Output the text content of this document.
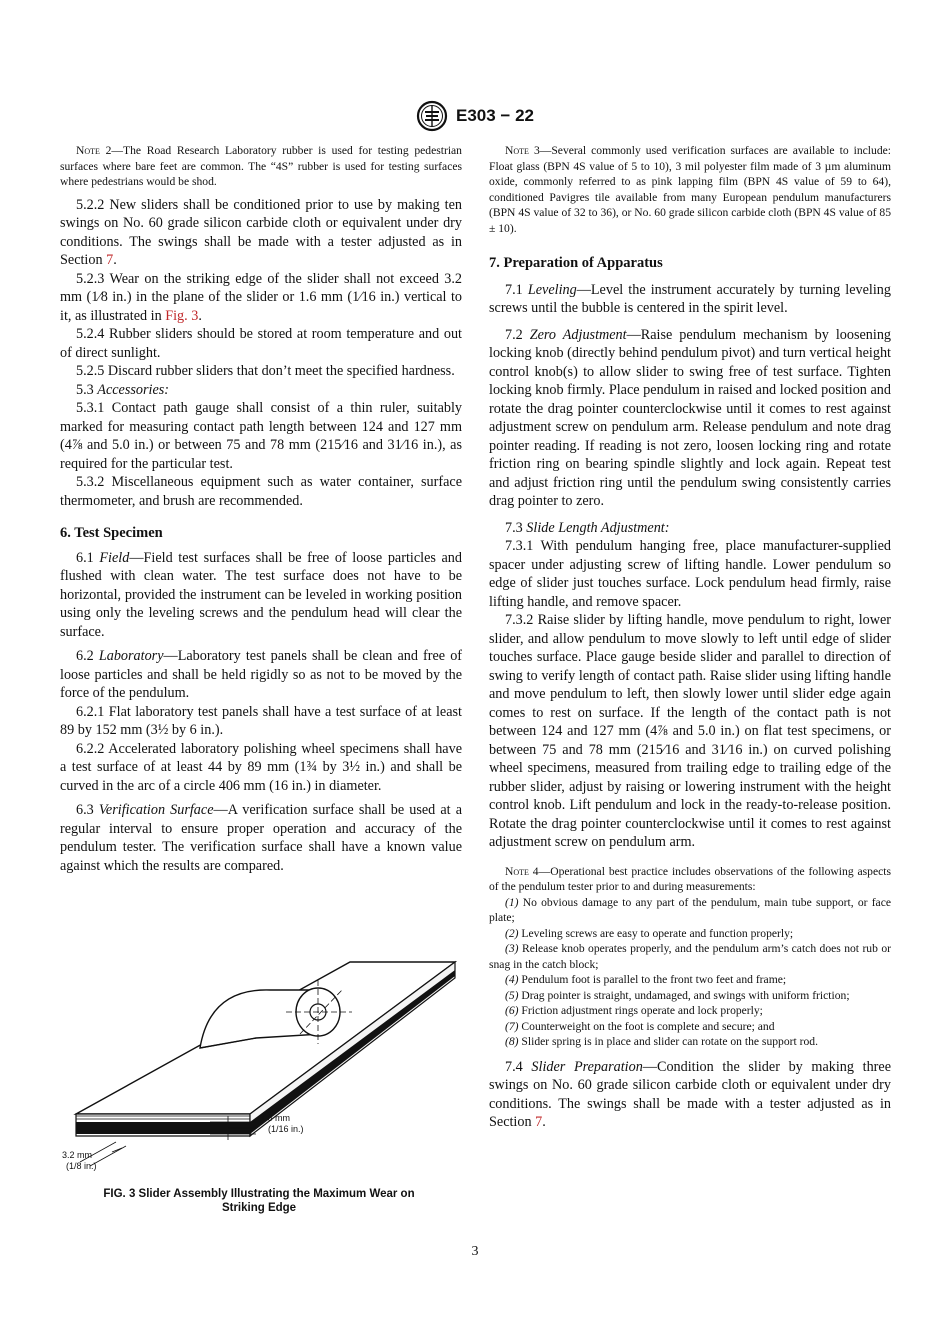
E303 − 22

Note 2—The Road Research Laboratory rubber is used for testing pedestrian surfaces where bare feet are common. The “4S” rubber is used for testing surfaces where pedestrians would be shod.

5.2.2 New sliders shall be conditioned prior to use by making ten swings on No. 60 grade silicon carbide cloth or equivalent under dry conditions. The swings shall be made with a tester adjusted as in Section 7.

5.2.3 Wear on the striking edge of the slider shall not exceed 3.2 mm (1⁄8 in.) in the plane of the slider or 1.6 mm (1⁄16 in.) vertical to it, as illustrated in Fig. 3.

5.2.4 Rubber sliders should be stored at room temperature and out of direct sunlight.

5.2.5 Discard rubber sliders that don’t meet the specified hardness.

5.3 Accessories:

5.3.1 Contact path gauge shall consist of a thin ruler, suitably marked for measuring contact path length between 124 and 127 mm (4⅞ and 5.0 in.) or between 75 and 78 mm (215⁄16 and 31⁄16 in.), as required for the particular test.

5.3.2 Miscellaneous equipment such as water container, surface thermometer, and brush are recommended.

6. Test Specimen

6.1 Field—Field test surfaces shall be free of loose particles and flushed with clean water. The test surface does not have to be horizontal, provided the instrument can be leveled in working position using only the leveling screws and the pendulum head will clear the surface.

6.2 Laboratory—Laboratory test panels shall be clean and free of loose particles and shall be held rigidly so as not to be moved by the force of the pendulum.

6.2.1 Flat laboratory test panels shall have a test surface of at least 89 by 152 mm (3½ by 6 in.).

6.2.2 Accelerated laboratory polishing wheel specimens shall have a test surface of at least 44 by 89 mm (1¾ by 3½ in.) and shall be curved in the arc of a circle 406 mm (16 in.) in diameter.

6.3 Verification Surface—A verification surface shall be used at a regular interval to ensure proper operation and accuracy of the pendulum tester. The verification surface shall have a known value against which the results are compared.

1.6 mm
(1/16 in.)
3.2 mm
(1/8 in.)
FIG. 3 Slider Assembly Illustrating the Maximum Wear on
Striking Edge

Note 3—Several commonly used verification surfaces are available to include: Float glass (BPN 4S value of 5 to 10), 3 mil polyester film made of 3 µm aluminum oxide, commonly referred to as pink lapping film (BPN 4S value of 59 to 64), conditioned Pavigres tile available from many European pendulum manufacturers (BPN 4S value of 32 to 36), or No. 60 grade silicon carbide cloth (BPN 4S value of 85 ± 10).

7. Preparation of Apparatus

7.1 Leveling—Level the instrument accurately by turning leveling screws until the bubble is centered in the spirit level.

7.2 Zero Adjustment—Raise pendulum mechanism by loosening locking knob (directly behind pendulum pivot) and turn vertical height control knob(s) to allow slider to swing free of test surface. Tighten locking knob firmly. Place pendulum in raised and locked position and rotate the drag pointer counterclockwise until it comes to rest against adjustment screw on pendulum arm. Release pendulum and note drag pointer reading. If reading is not zero, loosen locking ring and rotate friction ring on bearing spindle slightly and lock again. Repeat test and adjust friction ring until the pendulum swing consistently carries drag pointer to zero.

7.3 Slide Length Adjustment:

7.3.1 With pendulum hanging free, place manufacturer-supplied spacer under adjusting screw of lifting handle. Lower pendulum so edge of slider just touches surface. Lock pendulum head firmly, raise lifting handle, and remove spacer.

7.3.2 Raise slider by lifting handle, move pendulum to right, lower slider, and allow pendulum to move slowly to left until edge of slider touches surface. Place gauge beside slider and parallel to direction of swing to verify length of contact path. Raise slider using lifting handle and move pendulum to left, then slowly lower until slider edge again comes to rest on surface. If the length of the contact path is not between 124 and 127 mm (4⅞ and 5.0 in.) on flat test specimens, or between 75 and 78 mm (215⁄16 and 31⁄16 in.) on curved polishing wheel specimens, measured from trailing edge to trailing edge of the rubber slider, adjust by raising or lowering instrument with the height control knob. Lift pendulum and lock in the ready-to-release position. Rotate the drag pointer counterclockwise until it comes to rest against adjustment screw on pendulum arm.

Note 4—Operational best practice includes observations of the following aspects of the pendulum tester prior to and during measurements:

(1) No obvious damage to any part of the pendulum, main tube support, or face plate;

(2) Leveling screws are easy to operate and function properly;

(3) Release knob operates properly, and the pendulum arm’s catch does not rub or snag in the catch block;

(4) Pendulum foot is parallel to the front two feet and frame;

(5) Drag pointer is straight, undamaged, and swings with uniform friction;

(6) Friction adjustment rings operate and lock properly;

(7) Counterweight on the foot is complete and secure; and

(8) Slider spring is in place and slider can rotate on the support rod.

7.4 Slider Preparation—Condition the slider by making three swings on No. 60 grade silicon carbide cloth or equivalent under dry conditions. The swings shall be made with a tester adjusted as in Section 7.

3
